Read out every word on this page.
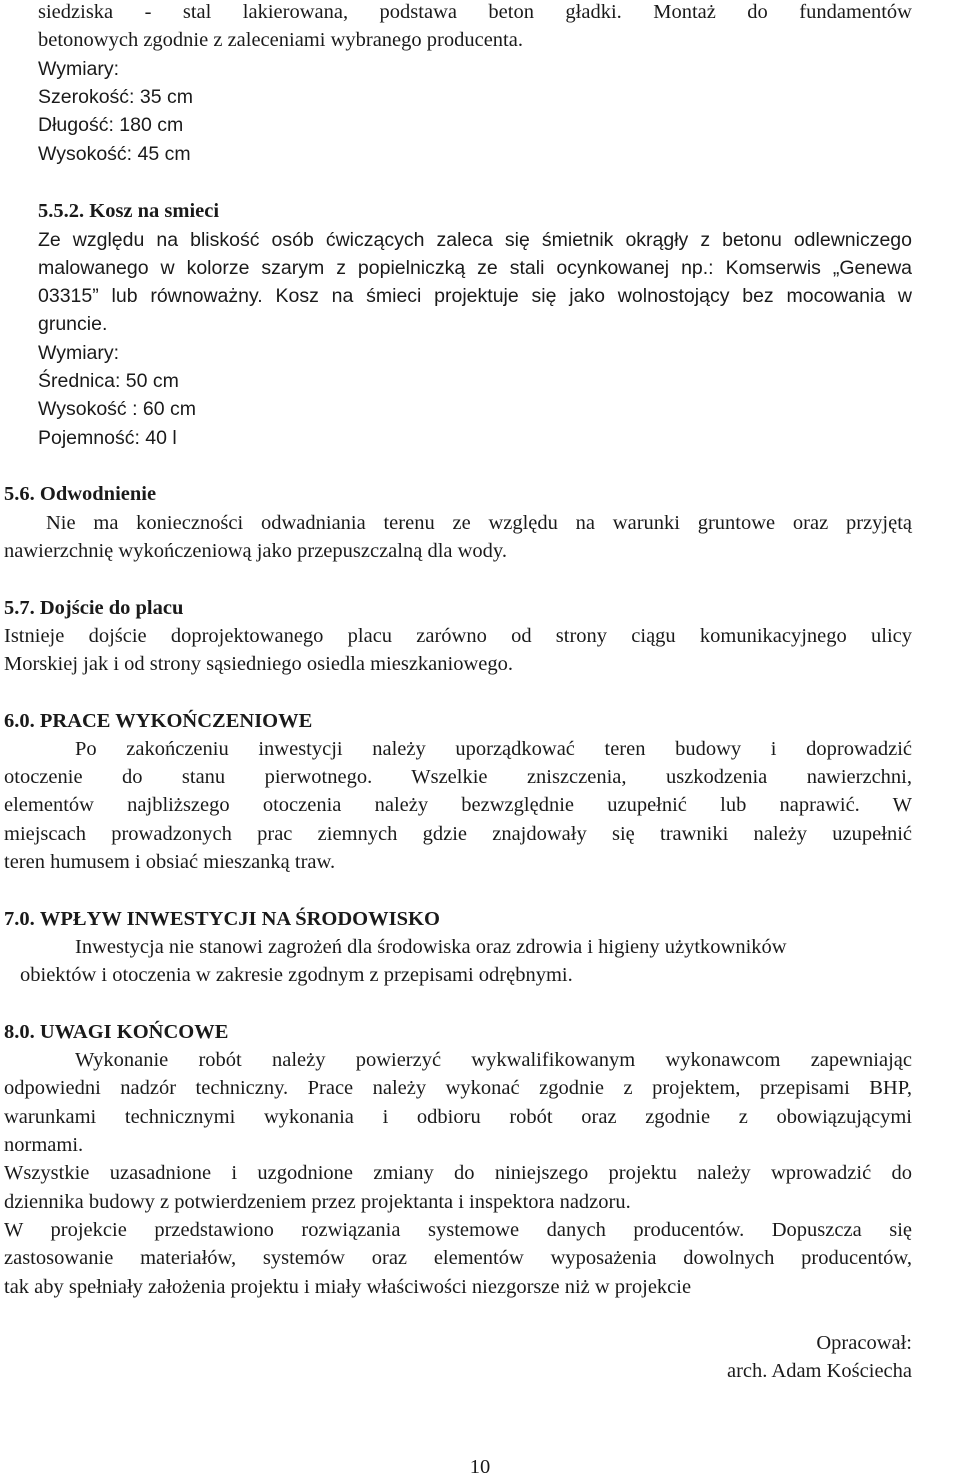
siedziska - stal lakierowana, podstawa beton gładki. Montaż do fundamentów
betonowych zgodnie z zaleceniami wybranego producenta.
Wymiary:
Szerokość: 35 cm
Długość: 180 cm
Wysokość: 45 cm
5.5.2. Kosz na smieci
Ze względu na bliskość osób ćwiczących zaleca się śmietnik okrągły z betonu odlewniczego
malowanego w kolorze szarym z popielniczką ze stali ocynkowanej np.: Komserwis „Genewa
03315” lub równoważny. Kosz na śmieci projektuje się jako wolnostojący bez mocowania w
gruncie.
Wymiary:
Średnica: 50 cm
Wysokość : 60 cm
Pojemność: 40 l
5.6. Odwodnienie
Nie ma konieczności odwadniania terenu ze względu na warunki gruntowe oraz przyjętą
nawierzchnię wykończeniową jako przepuszczalną dla wody.
5.7. Dojście do placu
Istnieje dojście doprojektowanego placu zarówno od strony ciągu komunikacyjnego ulicy
Morskiej jak i od strony sąsiedniego osiedla mieszkaniowego.
6.0. PRACE WYKOŃCZENIOWE
Po zakończeniu inwestycji należy uporządkować teren budowy i doprowadzić
otoczenie do stanu pierwotnego. Wszelkie zniszczenia, uszkodzenia nawierzchni,
elementów najbliższego otoczenia należy bezwzględnie uzupełnić lub naprawić. W
miejscach prowadzonych prac ziemnych gdzie znajdowały się trawniki należy uzupełnić
teren humusem i obsiać mieszanką traw.
7.0. WPŁYW INWESTYCJI NA ŚRODOWISKO
Inwestycja nie stanowi zagrożeń dla środowiska oraz zdrowia i higieny użytkowników
obiektów i otoczenia w zakresie zgodnym z przepisami odrębnymi.
8.0. UWAGI KOŃCOWE
Wykonanie robót należy powierzyć wykwalifikowanym wykonawcom zapewniając
odpowiedni nadzór techniczny. Prace należy wykonać zgodnie z projektem, przepisami BHP,
warunkami technicznymi wykonania i odbioru robót oraz zgodnie z obowiązującymi
normami.
Wszystkie uzasadnione i uzgodnione zmiany do niniejszego projektu należy wprowadzić do
dziennika budowy z potwierdzeniem przez projektanta i inspektora nadzoru.
W projekcie przedstawiono rozwiązania systemowe danych producentów. Dopuszcza się
zastosowanie materiałów, systemów oraz elementów wyposażenia dowolnych producentów,
tak aby spełniały założenia projektu i miały właściwości niezgorsze niż w projekcie
Opracował:
arch. Adam Kościecha
10
